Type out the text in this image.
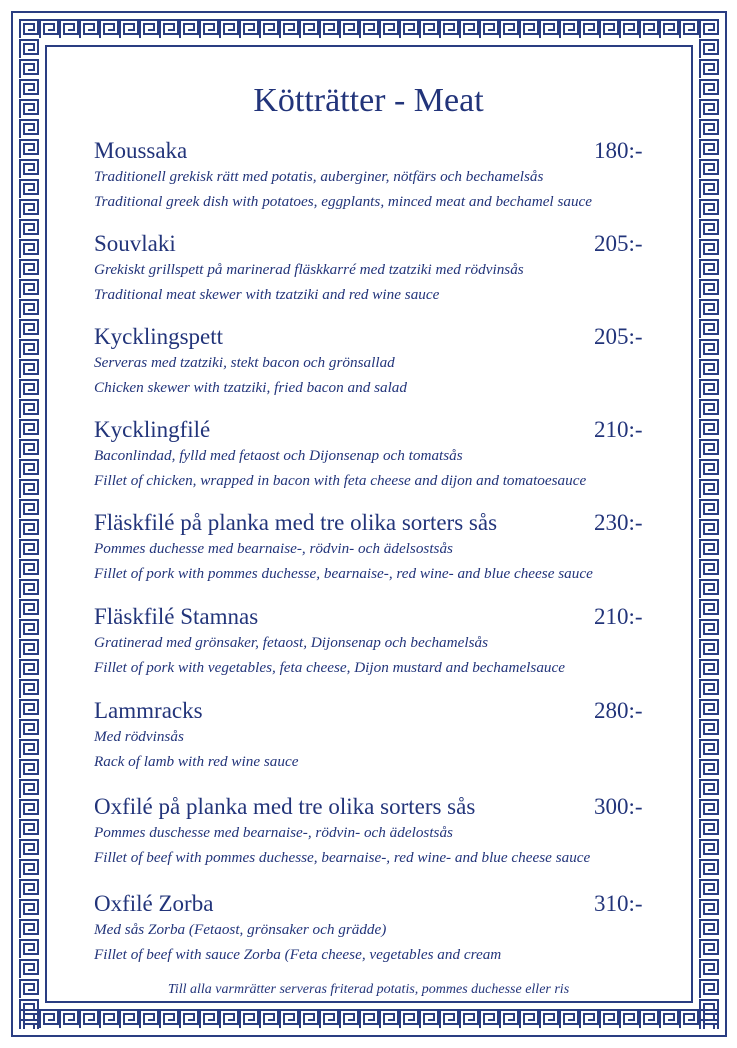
Kötträtter - Meat
Moussaka	180:-
Traditionell grekisk rätt med potatis, auberginer, nötfärs och bechamelsås
Traditional greek dish with potatoes, eggplants, minced meat and bechamel sauce
Souvlaki	205:-
Grekiskt grillspett på marinerad fläskkarré med tzatziki med rödvinsås
Traditional meat skewer with tzatziki and red wine sauce
Kycklingspett	205:-
Serveras med tzatziki, stekt bacon och grönsallad
Chicken skewer with tzatziki, fried bacon and salad
Kycklingfilé	210:-
Baconlindad, fylld med fetaost och Dijonsenap och tomatsås
Fillet of chicken, wrapped in bacon with feta cheese and dijon and tomatoesauce
Fläskfilé på planka med tre olika sorters sås	230:-
Pommes duchesse med bearnaise-, rödvin- och ädelsostsås
Fillet of pork with pommes duchesse, bearnaise-, red wine- and blue cheese sauce
Fläskfilé Stamnas	210:-
Gratinerad med grönsaker, fetaost, Dijonsenap och bechamelsås
Fillet of pork with vegetables, feta cheese, Dijon mustard and bechamelsauce
Lammracks	280:-
Med rödvinsås
Rack of lamb with red wine sauce
Oxfilé på planka med tre olika sorters sås	300:-
Pommes duschesse med bearnaise-, rödvin- och ädelostsås
Fillet of beef with pommes duchesse, bearnaise-, red wine- and blue cheese sauce
Oxfilé Zorba	310:-
Med sås Zorba (Fetaost, grönsaker och grädde)
Fillet of beef with sauce Zorba (Feta cheese, vegetables and cream
Till alla varmrätter serveras friterad potatis, pommes duchesse eller ris
